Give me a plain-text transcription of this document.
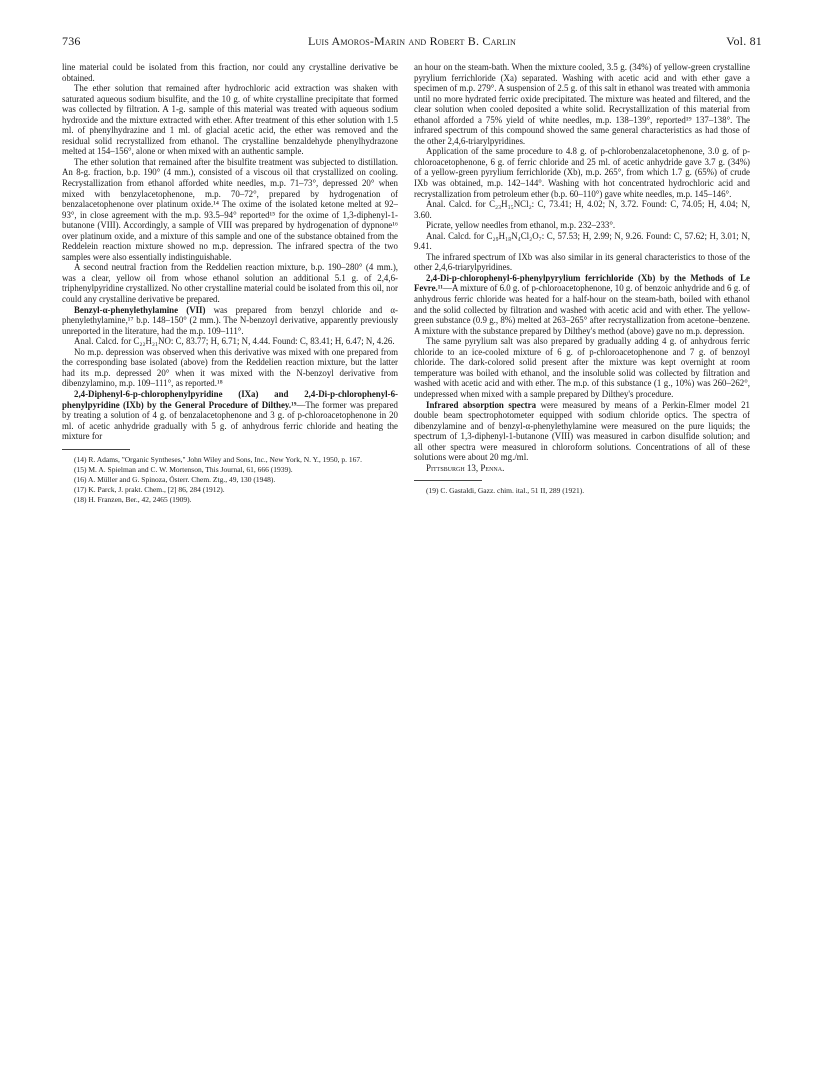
736	Luis Amoros-Marin and Robert B. Carlin	Vol. 81

line material could be isolated from this fraction, nor could any crystalline derivative be obtained.

The ether solution that remained after hydrochloric acid extraction was shaken with saturated aqueous sodium bisulfite, and the 10 g. of white crystalline precipitate that formed was collected by filtration. A 1-g. sample of this material was treated with aqueous sodium hydroxide and the mixture extracted with ether. After treatment of this ether solution with 1.5 ml. of phenylhydrazine and 1 ml. of glacial acetic acid, the ether was removed and the residual solid recrystallized from ethanol. The crystalline benzaldehyde phenylhydrazone melted at 154–156°, alone or when mixed with an authentic sample.

The ether solution that remained after the bisulfite treatment was subjected to distillation. An 8-g. fraction, b.p. 190° (4 mm.), consisted of a viscous oil that crystallized on cooling. Recrystallization from ethanol afforded white needles, m.p. 71–73°, depressed 20° when mixed with benzylacetophenone, m.p. 70–72°, prepared by hydrogenation of benzalacetophenone over platinum oxide.¹⁴ The oxime of the isolated ketone melted at 92–93°, in close agreement with the m.p. 93.5–94° reported¹⁵ for the oxime of 1,3-diphenyl-1-butanone (VIII). Accordingly, a sample of VIII was prepared by hydrogenation of dypnone¹⁶ over platinum oxide, and a mixture of this sample and one of the substance obtained from the Reddelein reaction mixture showed no m.p. depression. The infrared spectra of the two samples were also essentially indistinguishable.

A second neutral fraction from the Reddelien reaction mixture, b.p. 190–280° (4 mm.), was a clear, yellow oil from whose ethanol solution an additional 5.1 g. of 2,4,6-triphenylpyridine crystallized. No other crystalline material could be isolated from this oil, nor could any crystalline derivative be prepared.

Benzyl-α-phenylethylamine (VII) was prepared from benzyl chloride and α-phenylethylamine,¹⁷ b.p. 148–150° (2 mm.). The N-benzoyl derivative, apparently previously unreported in the literature, had the m.p. 109–111°.

Anal. Calcd. for C₂₂H₂₁NO: C, 83.77; H, 6.71; N, 4.44. Found: C, 83.41; H, 6.47; N, 4.26.

No m.p. depression was observed when this derivative was mixed with one prepared from the corresponding base isolated (above) from the Reddelien reaction mixture, but the latter had its m.p. depressed 20° when it was mixed with the N-benzoyl derivative from dibenzylamino, m.p. 109–111°, as reported.¹⁸

2,4-Diphenyl-6-p-chlorophenylpyridine (IXa) and 2,4-Di-p-chlorophenyl-6-phenylpyridine (IXb) by the General Procedure of Dilthey.¹⁹—The former was prepared by treating a solution of 4 g. of benzalacetophenone and 3 g. of p-chloroacetophenone in 20 ml. of acetic anhydride gradually with 5 g. of anhydrous ferric chloride and heating the mixture for

(14) R. Adams, "Organic Syntheses," John Wiley and Sons, Inc., New York, N. Y., 1950, p. 167.

(15) M. A. Spielman and C. W. Mortenson, This Journal, 61, 666 (1939).

(16) A. Müller and G. Spinoza, Österr. Chem. Ztg., 49, 130 (1948).

(17) K. Parck, J. prakt. Chem., [2] 86, 284 (1912).

(18) H. Franzen, Ber., 42, 2465 (1909).

an hour on the steam-bath. When the mixture cooled, 3.5 g. (34%) of yellow-green crystalline pyrylium ferrichloride (Xa) separated. Washing with acetic acid and with ether gave a specimen of m.p. 279°. A suspension of 2.5 g. of this salt in ethanol was treated with ammonia until no more hydrated ferric oxide precipitated. The mixture was heated and filtered, and the clear solution when cooled deposited a white solid. Recrystallization of this material from ethanol afforded a 75% yield of white needles, m.p. 138–139°, reported¹⁹ 137–138°. The infrared spectrum of this compound showed the same general characteristics as had those of the other 2,4,6-triarylpyridines.

Application of the same procedure to 4.8 g. of p-chlorobenzalacetophenone, 3.0 g. of p-chloroacetophenone, 6 g. of ferric chloride and 25 ml. of acetic anhydride gave 3.7 g. (34%) of a yellow-green pyrylium ferrichloride (Xb), m.p. 265°, from which 1.7 g. (65%) of crude IXb was obtained, m.p. 142–144°. Washing with hot concentrated hydrochloric acid and recrystallization from petroleum ether (b.p. 60–110°) gave white needles, m.p. 145–146°.

Anal. Calcd. for C₂₃H₁₅NCl₂: C, 73.41; H, 4.02; N, 3.72. Found: C, 74.05; H, 4.04; N, 3.60.

Picrate, yellow needles from ethanol, m.p. 232–233°.

Anal. Calcd. for C₂₉H₁₈N₄Cl₂O₇: C, 57.53; H, 2.99; N, 9.26. Found: C, 57.62; H, 3.01; N, 9.41.

The infrared spectrum of IXb was also similar in its general characteristics to those of the other 2,4,6-triarylpyridines.

2,4-Di-p-chlorophenyl-6-phenylpyrylium ferrichloride (Xb) by the Methods of Le Fevre.¹¹—A mixture of 6.0 g. of p-chloroacetophenone, 10 g. of benzoic anhydride and 6 g. of anhydrous ferric chloride was heated for a half-hour on the steam-bath, boiled with ethanol and the solid collected by filtration and washed with acetic acid and with ether. The yellow-green substance (0.9 g., 8%) melted at 263–265° after recrystallization from acetone–benzene. A mixture with the substance prepared by Dilthey's method (above) gave no m.p. depression.

The same pyrylium salt was also prepared by gradually adding 4 g. of anhydrous ferric chloride to an ice-cooled mixture of 6 g. of p-chloroacetophenone and 7 g. of benzoyl chloride. The dark-colored solid present after the mixture was kept overnight at room temperature was boiled with ethanol, and the insoluble solid was collected by filtration and washed with acetic acid and with ether. The m.p. of this substance (1 g., 10%) was 260–262°, undepressed when mixed with a sample prepared by Dilthey's procedure.

Infrared absorption spectra were measured by means of a Perkin-Elmer model 21 double beam spectrophotometer equipped with sodium chloride optics. The spectra of dibenzylamine and of benzyl-α-phenylethylamine were measured on the pure liquids; the spectrum of 1,3-diphenyl-1-butanone (VIII) was measured in carbon disulfide solution; and all other spectra were measured in chloroform solutions. Concentrations of all of these solutions were about 20 mg./ml.

Pittsburgh 13, Penna.

(19) C. Gastaldi, Gazz. chim. ital., 51 II, 289 (1921).
